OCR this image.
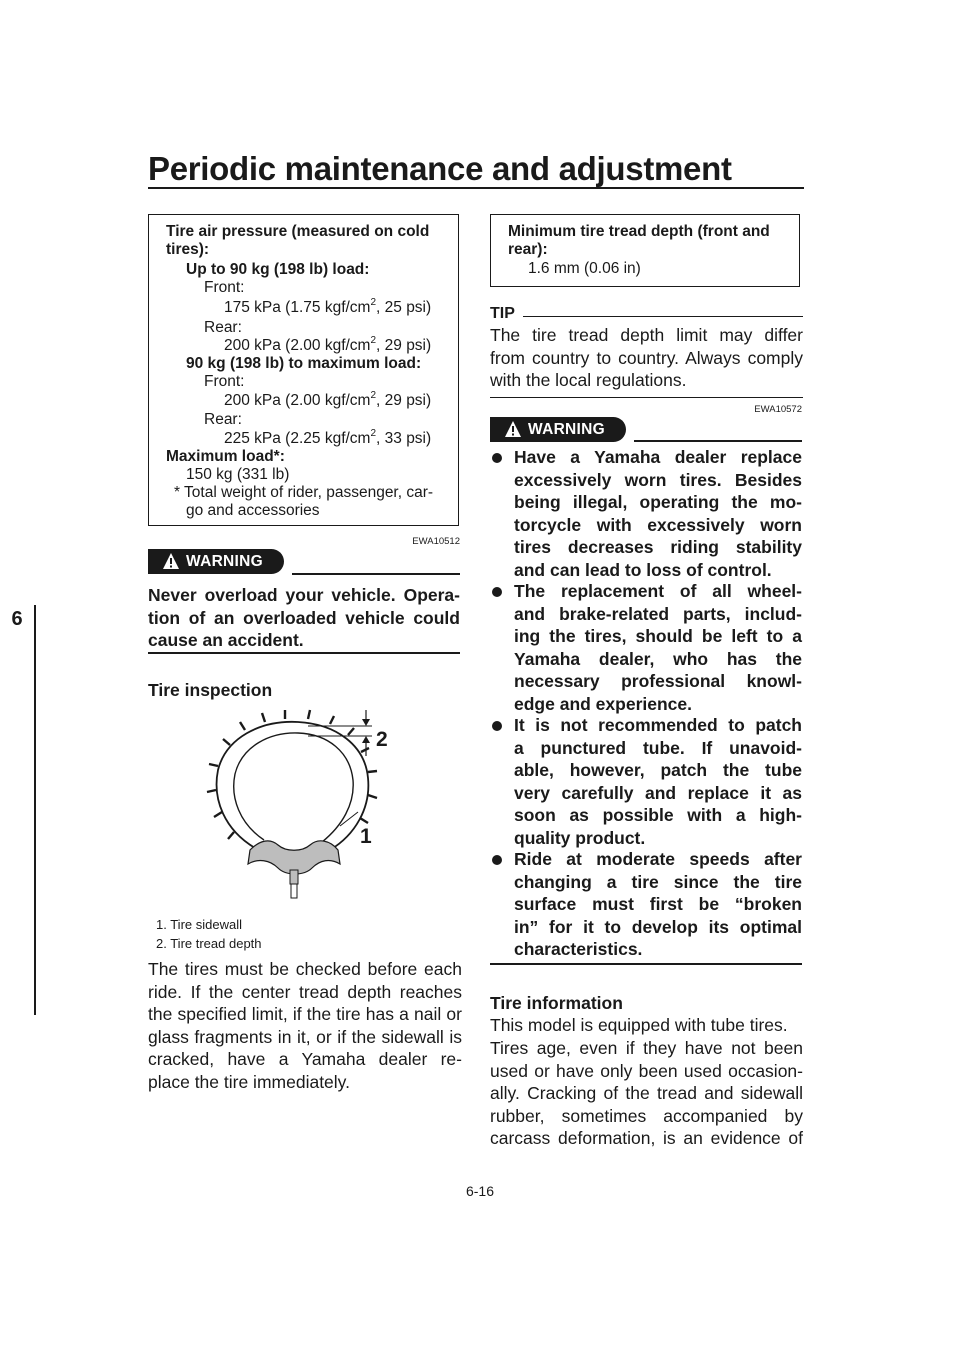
Periodic maintenance and adjustment
6
Tire air pressure (measured on cold
tires):
Up to 90 kg (198 lb) load:
Front:
175 kPa (1.75 kgf/$cm^2$, 25 psi)
Rear:
200 kPa (2.00 kgf/$cm^2$, 29 psi)
90 kg (198 lb) to maximum load:
Front:
200 kPa (2.00 kgf/$cm^2$, 29 psi)
Rear:
225 kPa (2.25 kgf/$cm^2$, 33 psi)
Maximum load*:
150 kg (331 lb)
* Total weight of rider, passenger, car-
go and accessories
EWA10512
WARNING
Never overload your vehicle. Opera-
tion of an overloaded vehicle could
cause an accident.
Tire inspection
2
1
1. Tire sidewall
2. Tire tread depth
The tires must be checked before each
ride. If the center tread depth reaches
the specified limit, if the tire has a nail or
glass fragments in it, or if the sidewall is
cracked, have a Yamaha dealer re-
place the tire immediately.
Minimum tire tread depth (front and
rear):
1.6 mm (0.06 in)
TIP
The tire tread depth limit may differ
from country to country. Always comply
with the local regulations.
EWA10572
WARNING
Have a Yamaha dealer replace
excessively worn tires. Besides
being illegal, operating the mo-
torcycle with excessively worn
tires decreases riding stability
and can lead to loss of control.
The replacement of all wheel-
and brake-related parts, includ-
ing the tires, should be left to a
Yamaha dealer, who has the
necessary professional knowl-
edge and experience.
It is not recommended to patch
a punctured tube. If unavoid-
able, however, patch the tube
very carefully and replace it as
soon as possible with a high-
quality product.
Ride at moderate speeds after
changing a tire since the tire
surface must first be “broken
in” for it to develop its optimal
characteristics.
Tire information
This model is equipped with tube tires.
Tires age, even if they have not been
used or have only been used occasion-
ally. Cracking of the tread and sidewall
rubber, sometimes accompanied by
carcass deformation, is an evidence of
6-16
